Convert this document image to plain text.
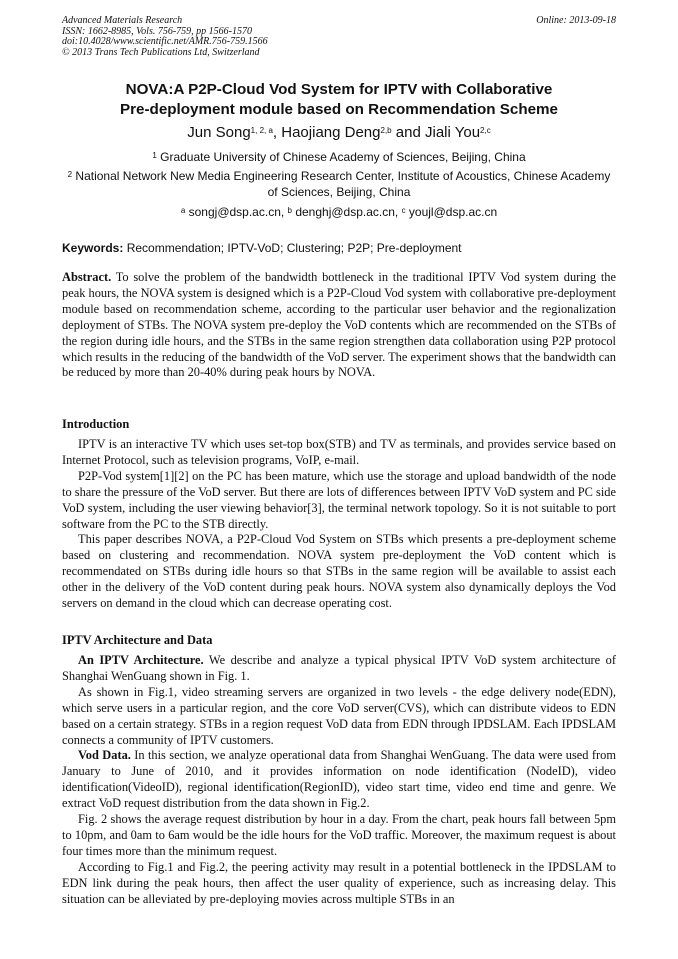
Advanced Materials Research
ISSN: 1662-8985, Vols. 756-759, pp 1566-1570
doi:10.4028/www.scientific.net/AMR.756-759.1566
© 2013 Trans Tech Publications Ltd, Switzerland
Online: 2013-09-18
NOVA:A P2P-Cloud Vod System for IPTV with Collaborative
Pre-deployment module based on Recommendation Scheme
Jun Song$^{1, 2, a}$, Haojiang Deng$^{2,b}$ and Jiali You$^{2,c}$
$^1$ Graduate University of Chinese Academy of Sciences, Beijing, China
$^2$ National Network New Media Engineering Research Center, Institute of Acoustics, Chinese Academy of Sciences, Beijing, China
$^a$ songj@dsp.ac.cn, $^b$ denghj@dsp.ac.cn, $^c$ youjl@dsp.ac.cn
Keywords: Recommendation; IPTV-VoD; Clustering; P2P; Pre-deployment

Abstract. To solve the problem of the bandwidth bottleneck in the traditional IPTV Vod system during the peak hours, the NOVA system is designed which is a P2P-Cloud Vod system with collaborative pre-deployment module based on recommendation scheme, according to the particular user behavior and the regionalization deployment of STBs. The NOVA system pre-deploy the VoD contents which are recommended on the STBs of the region during idle hours, and the STBs in the same region strengthen data collaboration using P2P protocol which results in the reducing of the bandwidth of the VoD server. The experiment shows that the bandwidth can be reduced by more than 20-40% during peak hours by NOVA.

Introduction

IPTV is an interactive TV which uses set-top box(STB) and TV as terminals, and provides service based on Internet Protocol, such as television programs, VoIP, e-mail.

P2P-Vod system[1][2] on the PC has been mature, which use the storage and upload bandwidth of the node to share the pressure of the VoD server. But there are lots of differences between IPTV VoD system and PC side VoD system, including the user viewing behavior[3], the terminal network topology. So it is not suitable to port software from the PC to the STB directly.

This paper describes NOVA, a P2P-Cloud Vod System on STBs which presents a pre-deployment scheme based on clustering and recommendation. NOVA system pre-deployment the VoD content which is recommendated on STBs during idle hours so that STBs in the same region will be available to assist each other in the delivery of the VoD content during peak hours. NOVA system also dynamically deploys the Vod servers on demand in the cloud which can decrease operating cost.

IPTV Architecture and Data

An IPTV Architecture. We describe and analyze a typical physical IPTV VoD system architecture of Shanghai WenGuang shown in Fig. 1.

As shown in Fig.1, video streaming servers are organized in two levels - the edge delivery node(EDN), which serve users in a particular region, and the core VoD server(CVS), which can distribute videos to EDN based on a certain strategy. STBs in a region request VoD data from EDN through IPDSLAM. Each IPDSLAM connects a community of IPTV customers.

Vod Data. In this section, we analyze operational data from Shanghai WenGuang. The data were used from January to June of 2010, and it provides information on node identification (NodeID), video identification(VideoID), regional identification(RegionID), video start time, video end time and genre. We extract VoD request distribution from the data shown in Fig.2.

Fig. 2 shows the average request distribution by hour in a day. From the chart, peak hours fall between 5pm to 10pm, and 0am to 6am would be the idle hours for the VoD traffic. Moreover, the maximum request is about four times more than the minimum request.

According to Fig.1 and Fig.2, the peering activity may result in a potential bottleneck in the IPDSLAM to EDN link during the peak hours, then affect the user quality of experience, such as increasing delay. This situation can be alleviated by pre-deploying movies across multiple STBs in an
